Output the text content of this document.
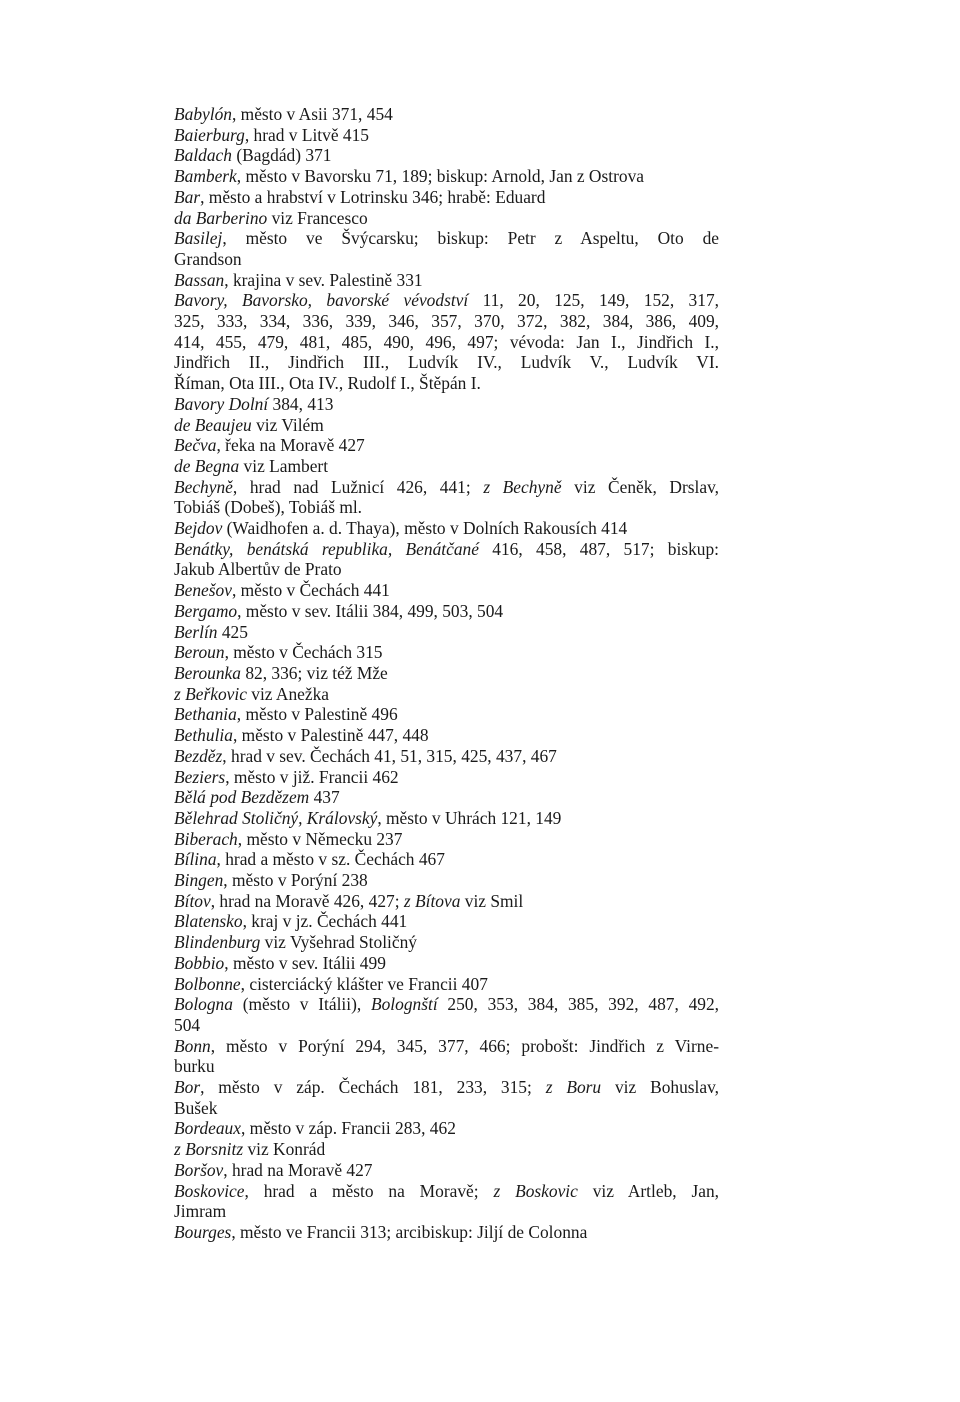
Babylón, město v Asii 371, 454

Baierburg, hrad v Litvě 415

Baldach (Bagdád) 371

Bamberk, město v Bavorsku 71, 189; biskup: Arnold, Jan z Ostrova

Bar, město a hrabství v Lotrinsku 346; hrabě: Eduard

da Barberino viz Francesco

Basilej, město ve Švýcarsku; biskup: Petr z Aspeltu, Oto de
Grandson

Bassan, krajina v sev. Palestině 331

Bavory, Bavorsko, bavorské vévodství 11, 20, 125, 149, 152, 317,
325, 333, 334, 336, 339, 346, 357, 370, 372, 382, 384, 386, 409,
414, 455, 479, 481, 485, 490, 496, 497; vévoda: Jan I., Jindřich I.,
Jindřich II., Jindřich III., Ludvík IV., Ludvík V., Ludvík VI.
Říman, Ota III., Ota IV., Rudolf I., Štěpán I.

Bavory Dolní 384, 413

de Beaujeu viz Vilém

Bečva, řeka na Moravě 427

de Begna viz Lambert

Bechyně, hrad nad Lužnicí 426, 441; z Bechyně viz Čeněk, Drslav,
Tobiáš (Dobeš), Tobiáš ml.

Bejdov (Waidhofen a. d. Thaya), město v Dolních Rakousích 414

Benátky, benátská republika, Benátčané 416, 458, 487, 517; biskup:
Jakub Albertův de Prato

Benešov, město v Čechách 441

Bergamo, město v sev. Itálii 384, 499, 503, 504

Berlín 425

Beroun, město v Čechách 315

Berounka 82, 336; viz též Mže

z Beřkovic viz Anežka

Bethania, město v Palestině 496

Bethulia, město v Palestině 447, 448

Bezděz, hrad v sev. Čechách 41, 51, 315, 425, 437, 467

Beziers, město v již. Francii 462

Bělá pod Bezdězem 437

Bělehrad Stoličný, Královský, město v Uhrách 121, 149

Biberach, město v Německu 237

Bílina, hrad a město v sz. Čechách 467

Bingen, město v Porýní 238

Bítov, hrad na Moravě 426, 427; z Bítova viz Smil

Blatensko, kraj v jz. Čechách 441

Blindenburg viz Vyšehrad Stoličný

Bobbio, město v sev. Itálii 499

Bolbonne, cisterciácký klášter ve Francii 407

Bologna (město v Itálii), Bolognští 250, 353, 384, 385, 392, 487, 492,
504

Bonn, město v Porýní 294, 345, 377, 466; probošt: Jindřich z Virne-
burku

Bor, město v záp. Čechách 181, 233, 315; z Boru viz Bohuslav,
Bušek

Bordeaux, město v záp. Francii 283, 462

z Borsnitz viz Konrád

Boršov, hrad na Moravě 427

Boskovice, hrad a město na Moravě; z Boskovic viz Artleb, Jan,
Jimram

Bourges, město ve Francii 313; arcibiskup: Jiljí de Colonna
